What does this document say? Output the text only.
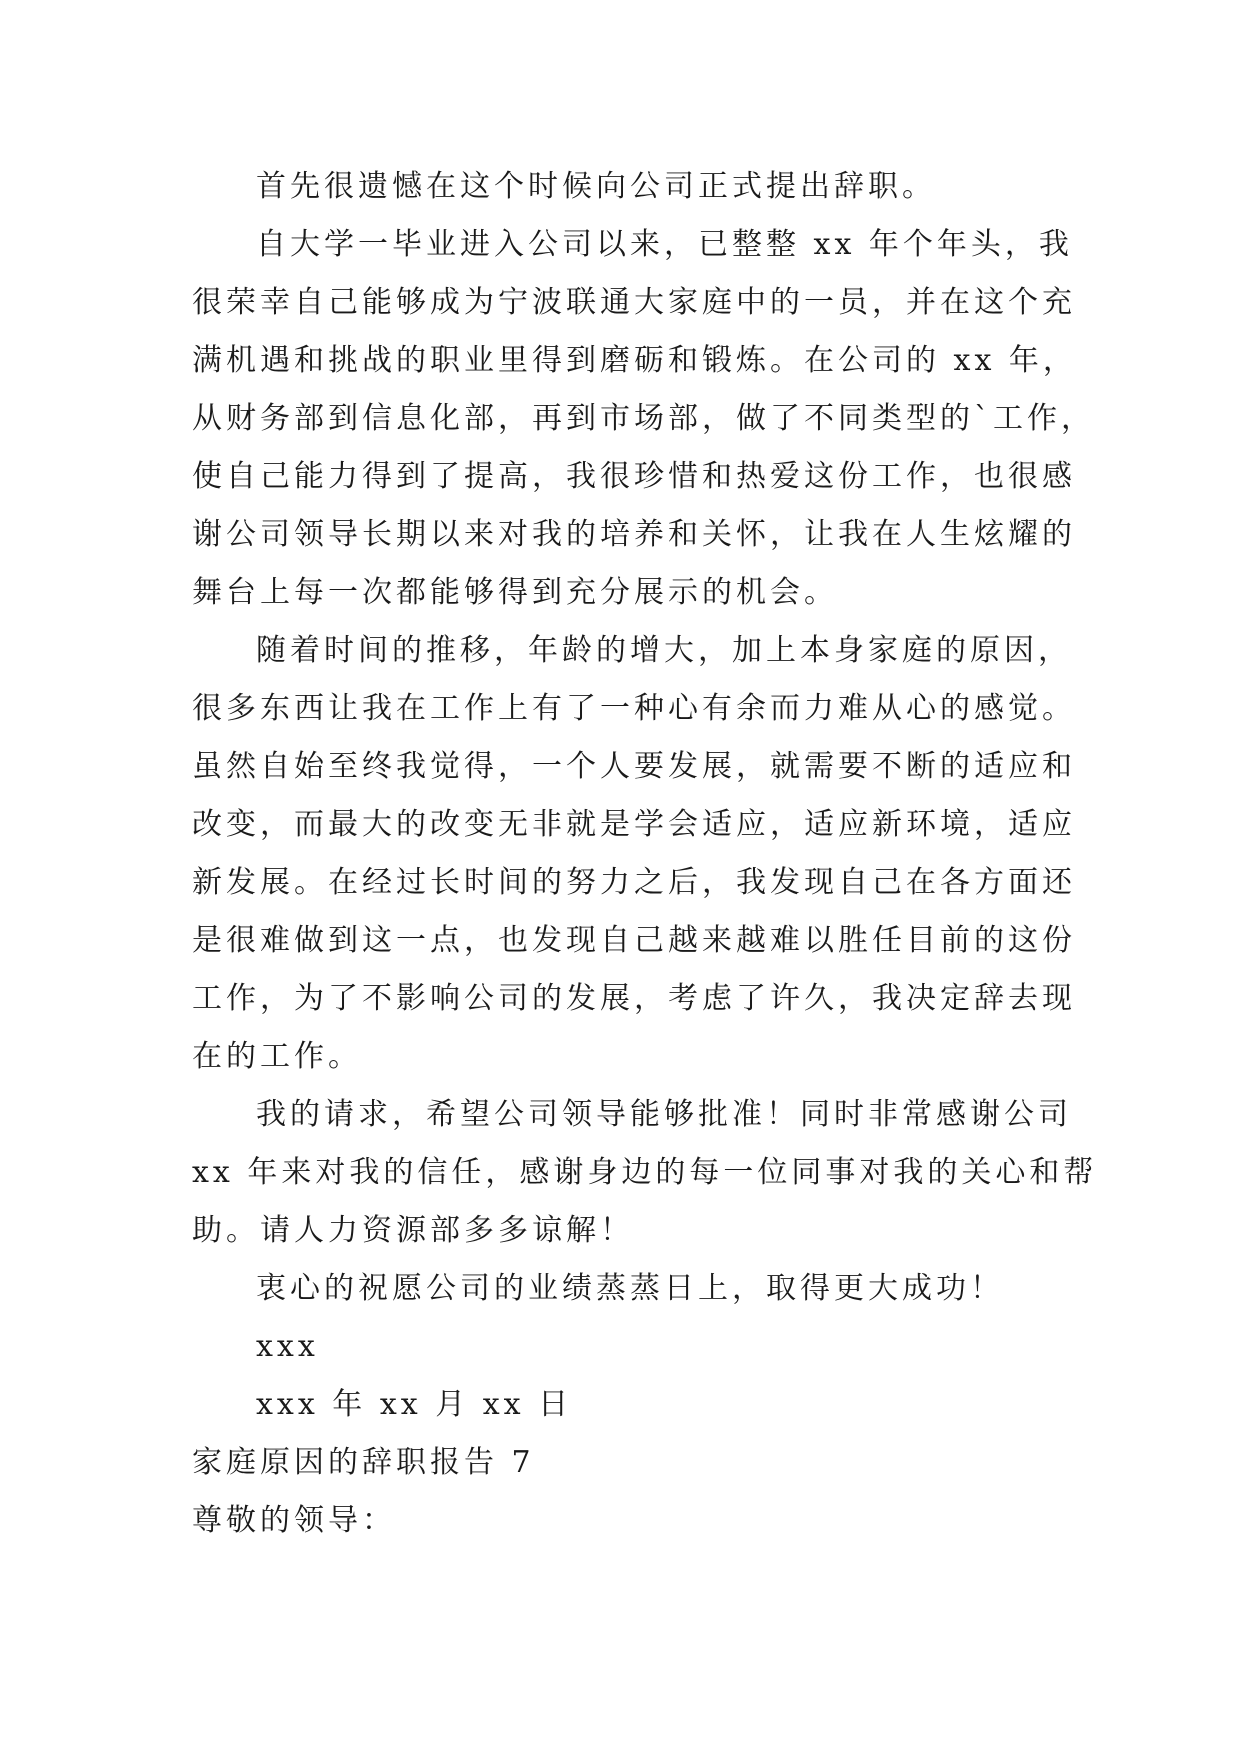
首先很遗憾在这个时候向公司正式提出辞职。
自大学一毕业进入公司以来，已整整 xx 年个年头，我
很荣幸自己能够成为宁波联通大家庭中的一员，并在这个充
满机遇和挑战的职业里得到磨砺和锻炼。在公司的 xx 年，
从财务部到信息化部，再到市场部，做了不同类型的`工作，
使自己能力得到了提高，我很珍惜和热爱这份工作，也很感
谢公司领导长期以来对我的培养和关怀，让我在人生炫耀的
舞台上每一次都能够得到充分展示的机会。
随着时间的推移，年龄的增大，加上本身家庭的原因，
很多东西让我在工作上有了一种心有余而力难从心的感觉。
虽然自始至终我觉得，一个人要发展，就需要不断的适应和
改变，而最大的改变无非就是学会适应，适应新环境，适应
新发展。在经过长时间的努力之后，我发现自己在各方面还
是很难做到这一点，也发现自己越来越难以胜任目前的这份
工作，为了不影响公司的发展，考虑了许久，我决定辞去现
在的工作。
我的请求，希望公司领导能够批准！同时非常感谢公司
xx 年来对我的信任，感谢身边的每一位同事对我的关心和帮
助。请人力资源部多多谅解！
衷心的祝愿公司的业绩蒸蒸日上，取得更大成功！
xxx
xxx 年 xx 月 xx 日
家庭原因的辞职报告 7
尊敬的领导：
